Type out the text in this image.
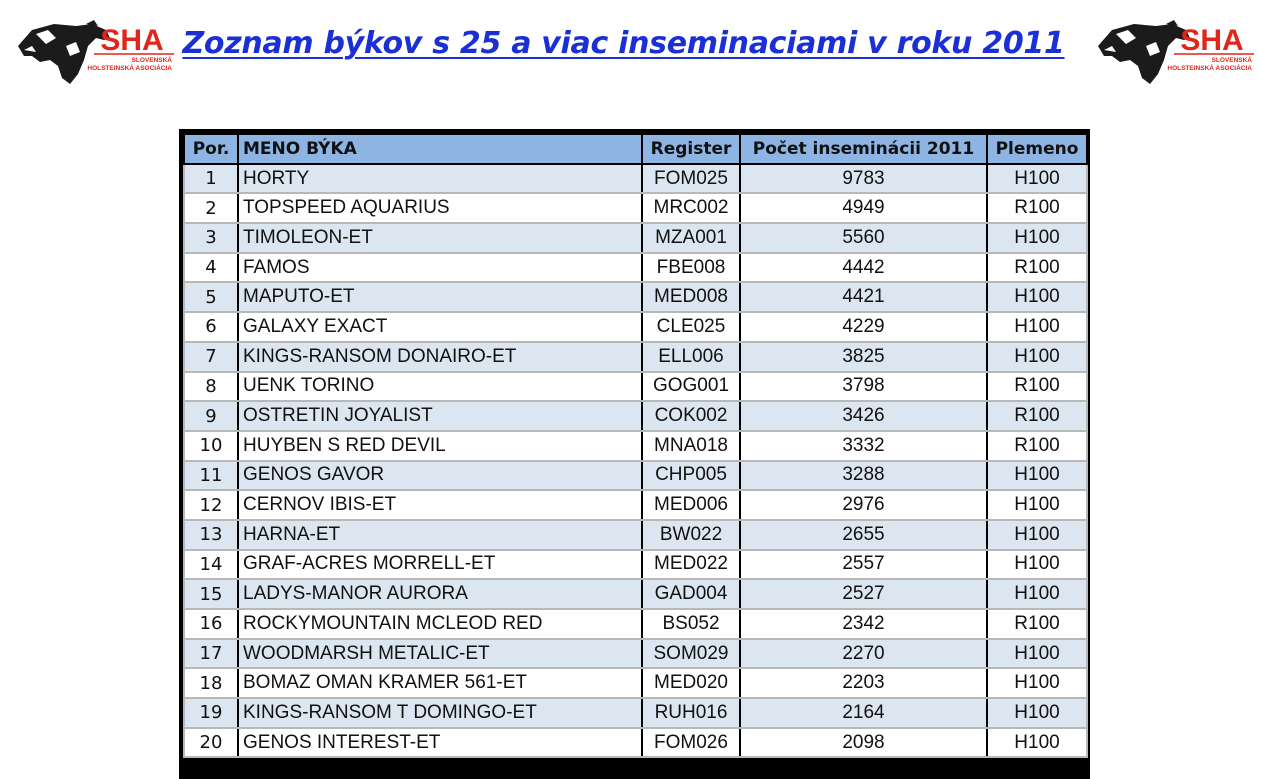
SHA
SLOVENSKÁ
HOLSTEINSKÁ ASOCIÁCIA
Zoznam býkov s 25 a viac inseminaciami v roku 2011	SHA
SLOVENSKÁ
HOLSTEINSKÁ ASOCIÁCIA
Por.	MENO BÝKA	Register	Počet inseminácii 2011	Plemeno
1	HORTY	FOM025	9783	H100
2	TOPSPEED AQUARIUS	MRC002	4949	R100
3	TIMOLEON-ET	MZA001	5560	H100
4	FAMOS	FBE008	4442	R100
5	MAPUTO-ET	MED008	4421	H100
6	GALAXY EXACT	CLE025	4229	H100
7	KINGS-RANSOM DONAIRO-ET	ELL006	3825	H100
8	UENK TORINO	GOG001	3798	R100
9	OSTRETIN JOYALIST	COK002	3426	R100
10	HUYBEN S RED DEVIL	MNA018	3332	R100
11	GENOS GAVOR	CHP005	3288	H100
12	CERNOV IBIS-ET	MED006	2976	H100
13	HARNA-ET	BW022	2655	H100
14	GRAF-ACRES MORRELL-ET	MED022	2557	H100
15	LADYS-MANOR AURORA	GAD004	2527	H100
16	ROCKYMOUNTAIN MCLEOD RED	BS052	2342	R100
17	WOODMARSH METALIC-ET	SOM029	2270	H100
18	BOMAZ OMAN KRAMER 561-ET	MED020	2203	H100
19	KINGS-RANSOM T DOMINGO-ET	RUH016	2164	H100
20	GENOS INTEREST-ET	FOM026	2098	H100
